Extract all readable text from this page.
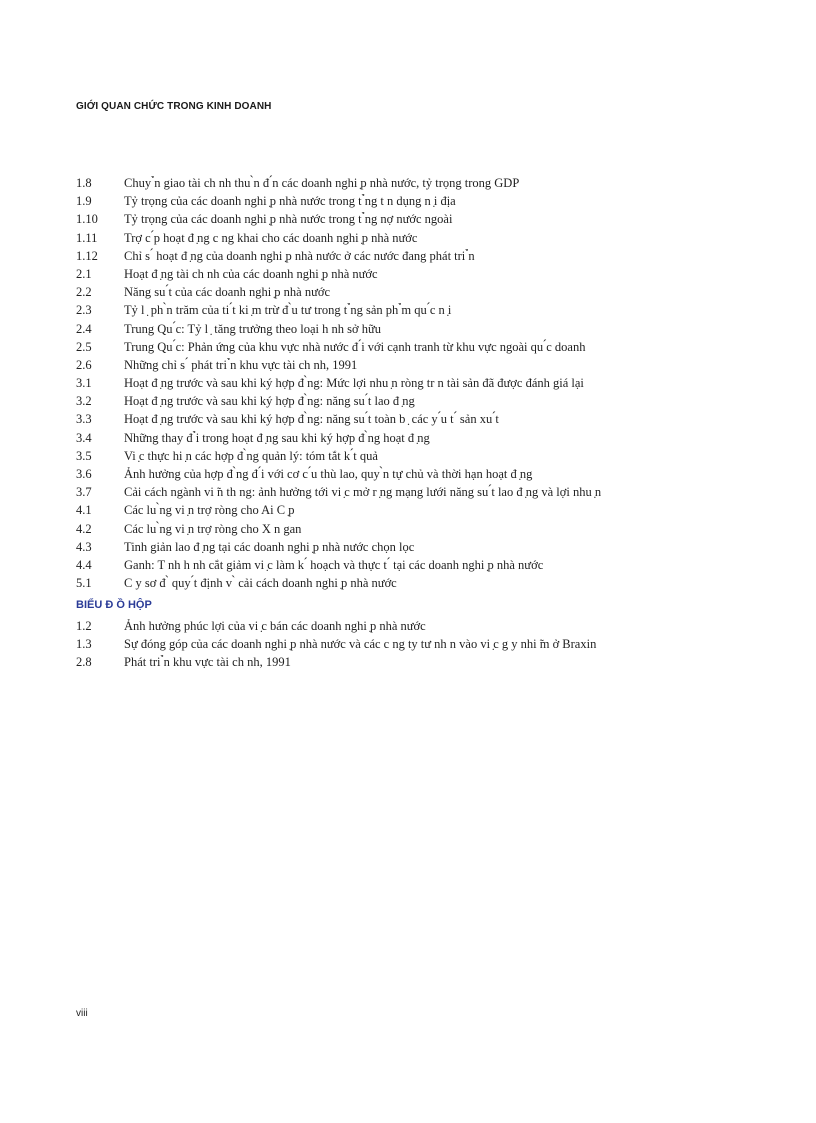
GIỚI QUAN CHỨC TRONG KINH DOANH
1.8	Chuy ̉n giao tài ch nh thu ̀n đ ́n các doanh nghi ̣p nhà nước, tỷ trọng trong GDP
1.9	Tỷ trọng của các doanh nghi ̣p nhà nước trong t ̉ng t n dụng n ̣i địa
1.10	Tỷ trọng của các doanh nghi ̣p nhà nước trong t ̉ng nợ nước ngoài
1.11	Trợ c ́p hoạt đ ̣ng c ng khai cho các doanh nghi ̣p nhà nước
1.12	Chỉ s ́ hoạt đ ̣ng của doanh nghi ̣p nhà nước ở các nước đang phát tri ̉n
2.1	Hoạt đ ̣ng tài ch nh của các doanh nghi ̣p nhà nước
2.2	Năng su ́t của các doanh nghi ̣p nhà nước
2.3	Tỷ l ̣ ph ̀n trăm của ti ́t ki ̣m trừ đ ̀u tư trong t ̉ng sản ph ̉m qu ́c n ̣i
2.4	Trung Qu ́c: Tỷ l ̣ tăng trưởng theo loại h nh sở hữu
2.5	Trung Qu ́c: Phản ứng của khu vực nhà nước đ ́i với cạnh tranh từ khu vực ngoài qu ́c doanh
2.6	Những chỉ s ́ phát tri ̉n khu vực tài ch nh, 1991
3.1	Hoạt đ ̣ng trước và sau khi ký hợp đ ̀ng: Mức lợi nhu ̣n ròng tr n tài sản đã được đánh giá lại
3.2	Hoạt đ ̣ng trước và sau khi ký hợp đ ̀ng: năng su ́t lao đ ̣ng
3.3	Hoạt đ ̣ng trước và sau khi ký hợp đ ̀ng: năng su ́t toàn b ̣ các y ́u t ́ sản xu ́t
3.4	Những thay đ ̉i trong hoạt đ ̣ng sau khi ký hợp đ ̀ng hoạt đ ̣ng
3.5	Vi ̣c thực hi ̣n các hợp đ ̀ng quản lý: tóm tắt k ́t quả
3.6	Ảnh hưởng của hợp đ ̀ng đ ́i với cơ c ́u thù lao, quy ̀n tự chủ và thời hạn hoạt đ ̣ng
3.7	Cải cách ngành vi ̃n th ng: ảnh hưởng tới vi ̣c mở r ̣ng mạng lưới năng su ́t lao đ ̣ng và lợi nhu ̣n
4.1	Các lu ̀ng vi ̣n trợ ròng cho Ai C ̣p
4.2	Các lu ̀ng vi ̣n trợ ròng cho X n gan
4.3	Tinh giản lao đ ̣ng tại các doanh nghi ̣p nhà nước chọn lọc
4.4	Ganh: T nh h nh cắt giảm vi ̣c làm k ́ hoạch và thực t ́ tại các doanh nghi ̣p nhà nước
5.1	C y sơ đ ̀ quy ́t định v ̀ cải cách doanh nghi ̣p nhà nước
BIỂU Đ Ồ HỘP
1.2	Ảnh hưởng phúc lợi của vi ̣c bán các doanh nghi ̣p nhà nước
1.3	Sự đóng góp của các doanh nghi ̣p nhà nước và các c ng ty tư nh n vào vi ̣c g y nhi ̃m ở Braxin
2.8	Phát tri ̉n khu vực tài ch nh, 1991
viii
